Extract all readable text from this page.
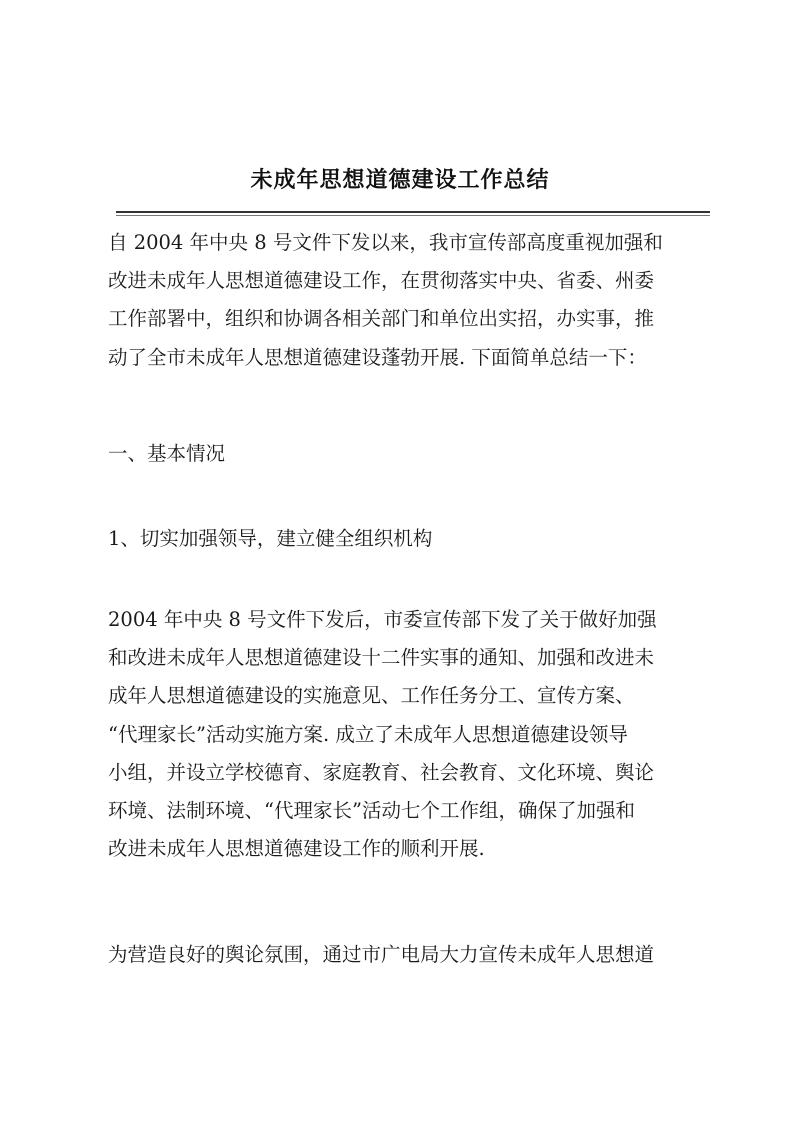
未成年思想道德建设工作总结
自 2004 年中央 8 号文件下发以来，我市宣传部高度重视加强和
改进未成年人思想道德建设工作，在贯彻落实中央、省委、州委
工作部署中，组织和协调各相关部门和单位出实招，办实事，推
动了全市未成年人思想道德建设蓬勃开展. 下面简单总结一下：
一、基本情况
1、切实加强领导，建立健全组织机构
2004 年中央 8 号文件下发后，市委宣传部下发了关于做好加强
和改进未成年人思想道德建设十二件实事的通知、加强和改进未
成年人思想道德建设的实施意见、工作任务分工、宣传方案、
“代理家长”活动实施方案. 成立了未成年人思想道德建设领导
小组，并设立学校德育、家庭教育、社会教育、文化环境、舆论
环境、法制环境、“代理家长”活动七个工作组，确保了加强和
改进未成年人思想道德建设工作的顺利开展.
为营造良好的舆论氛围，通过市广电局大力宣传未成年人思想道
